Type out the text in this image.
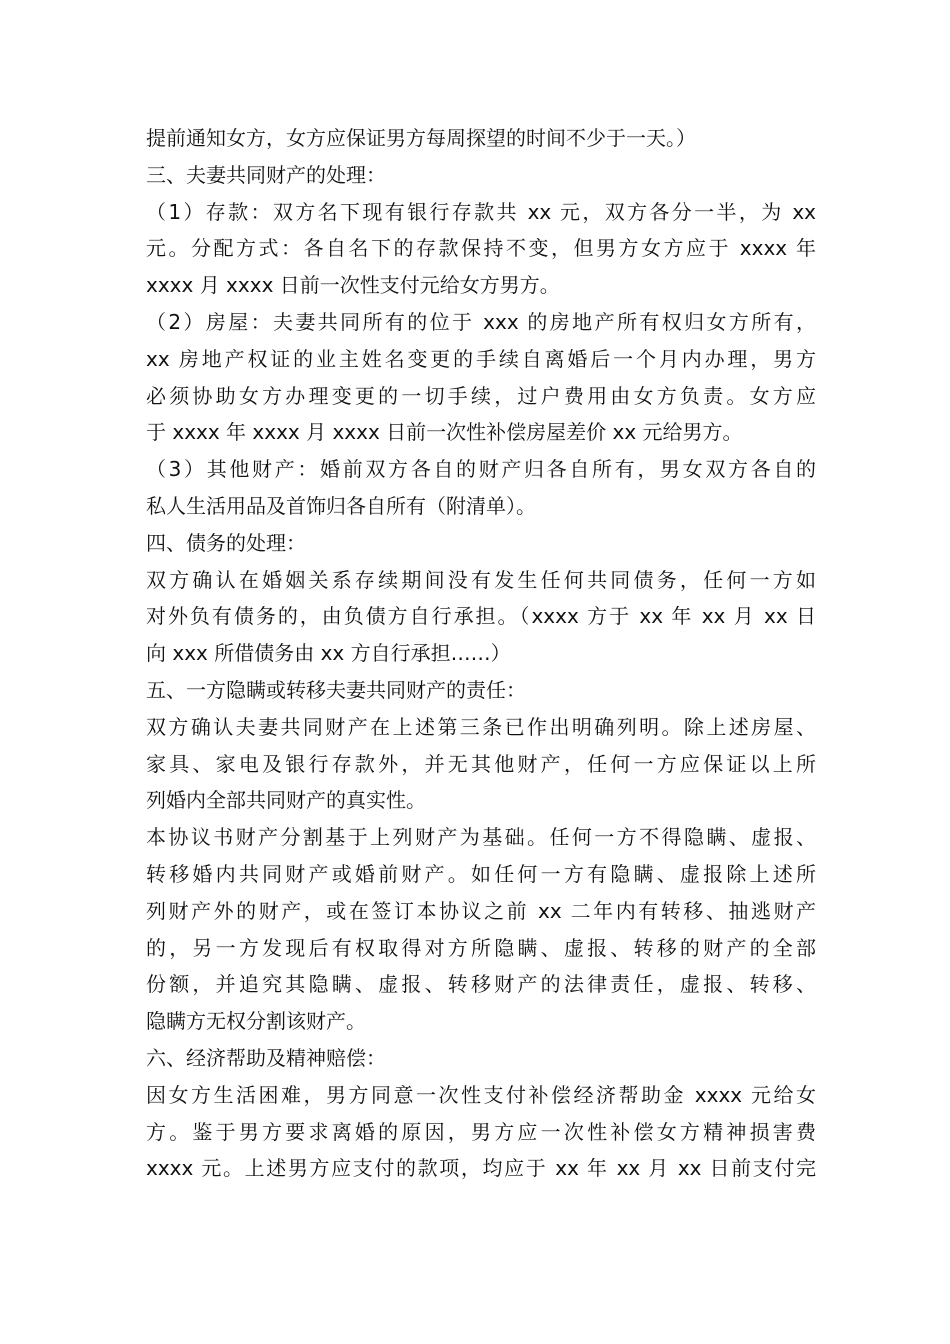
提前通知女方，女方应保证男方每周探望的时间不少于一天。）
三、夫妻共同财产的处理：
（1）存款：双方名下现有银行存款共 xx 元，双方各分一半，为 xx
元。分配方式：各自名下的存款保持不变，但男方女方应于 xxxx 年
xxxx 月 xxxx 日前一次性支付元给女方男方。
（2）房屋：夫妻共同所有的位于 xxx 的房地产所有权归女方所有，
xx 房地产权证的业主姓名变更的手续自离婚后一个月内办理，男方
必须协助女方办理变更的一切手续，过户费用由女方负责。女方应
于 xxxx 年 xxxx 月 xxxx 日前一次性补偿房屋差价 xx 元给男方。
（3）其他财产：婚前双方各自的财产归各自所有，男女双方各自的
私人生活用品及首饰归各自所有（附清单）。
四、债务的处理：
双方确认在婚姻关系存续期间没有发生任何共同债务，任何一方如
对外负有债务的，由负债方自行承担。（xxxx 方于 xx 年 xx 月 xx 日
向 xxx 所借债务由 xx 方自行承担……）
五、一方隐瞒或转移夫妻共同财产的责任：
双方确认夫妻共同财产在上述第三条已作出明确列明。除上述房屋、
家具、家电及银行存款外，并无其他财产，任何一方应保证以上所
列婚内全部共同财产的真实性。
本协议书财产分割基于上列财产为基础。任何一方不得隐瞒、虚报、
转移婚内共同财产或婚前财产。如任何一方有隐瞒、虚报除上述所
列财产外的财产，或在签订本协议之前 xx 二年内有转移、抽逃财产
的，另一方发现后有权取得对方所隐瞒、虚报、转移的财产的全部
份额，并追究其隐瞒、虚报、转移财产的法律责任，虚报、转移、
隐瞒方无权分割该财产。
六、经济帮助及精神赔偿：
因女方生活困难，男方同意一次性支付补偿经济帮助金 xxxx 元给女
方。鉴于男方要求离婚的原因，男方应一次性补偿女方精神损害费
xxxx 元。上述男方应支付的款项，均应于 xx 年 xx 月 xx 日前支付完
